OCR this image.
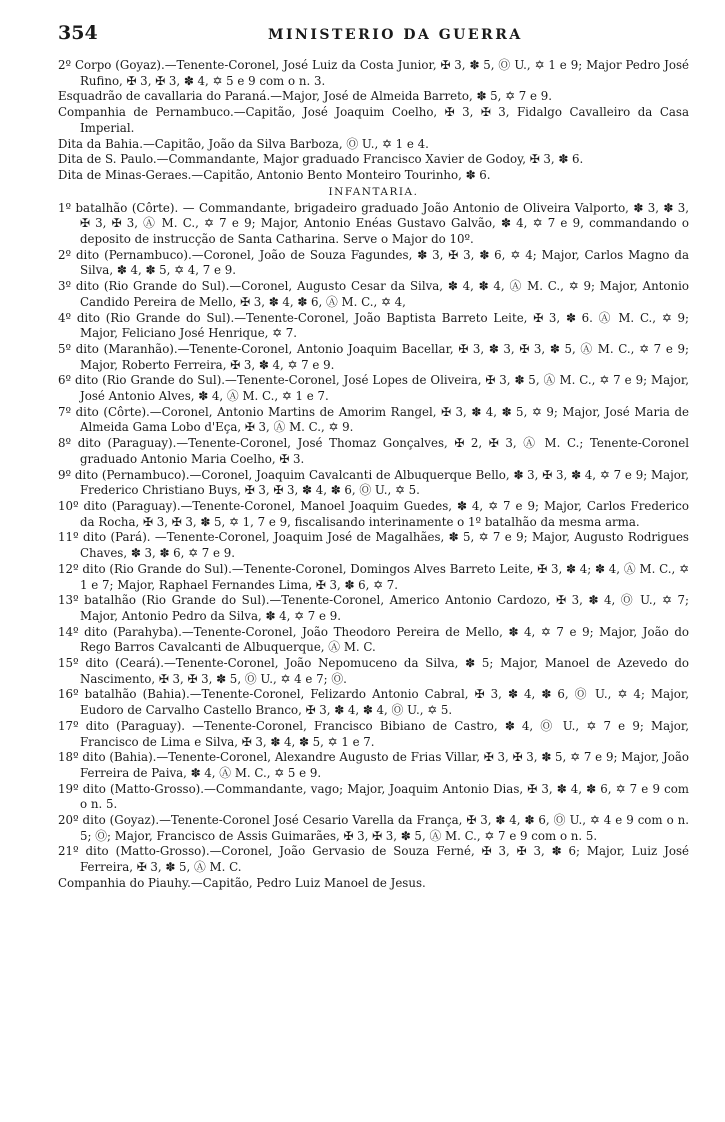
354	MINISTERIO DA GUERRA

2º Corpo (Goyaz).—Tenente-Coronel, José Luiz da Costa Junior, ✠ 3, ✽ 5, Ⓞ U., ✡ 1 e 9; Major Pedro José Rufino, ✠ 3, ✠ 3, ✽ 4, ✡ 5 e 9 com o n. 3.

Esquadrão de cavallaria do Paraná.—Major, José de Almeida Barreto, ✽ 5, ✡ 7 e 9.

Companhia de Pernambuco.—Capitão, José Joaquim Coelho, ✠ 3, ✠ 3, Fidalgo Cavalleiro da Casa Imperial.

Dita da Bahia.—Capitão, João da Silva Barboza, Ⓞ U., ✡ 1 e 4.

Dita de S. Paulo.—Commandante, Major graduado Francisco Xavier de Godoy, ✠ 3, ✽ 6.

Dita de Minas-Geraes.—Capitão, Antonio Bento Monteiro Tourinho, ✽ 6.

INFANTARIA.

1º batalhão (Côrte). — Commandante, brigadeiro graduado João Antonio de Oliveira Valporto, ✽ 3, ✽ 3, ✠ 3, ✠ 3, Ⓐ M. C., ✡ 7 e 9; Major, Antonio Enéas Gustavo Galvão, ✽ 4, ✡ 7 e 9, commandando o deposito de instrucção de Santa Catharina. Serve o Major do 10º.

2º dito (Pernambuco).—Coronel, João de Souza Fagundes, ✽ 3, ✠ 3, ✽ 6, ✡ 4; Major, Carlos Magno da Silva, ✽ 4, ✽ 5, ✡ 4, 7 e 9.

3º dito (Rio Grande do Sul).—Coronel, Augusto Cesar da Silva, ✽ 4, ✽ 4, Ⓐ M. C., ✡ 9; Major, Antonio Candido Pereira de Mello, ✠ 3, ✽ 4, ✽ 6, Ⓐ M. C., ✡ 4,

4º dito (Rio Grande do Sul).—Tenente-Coronel, João Baptista Barreto Leite, ✠ 3, ✽ 6. Ⓐ M. C., ✡ 9; Major, Feliciano José Henrique, ✡ 7.

5º dito (Maranhão).—Tenente-Coronel, Antonio Joaquim Bacellar, ✠ 3, ✽ 3, ✠ 3, ✽ 5, Ⓐ M. C., ✡ 7 e 9; Major, Roberto Ferreira, ✠ 3, ✽ 4, ✡ 7 e 9.

6º dito (Rio Grande do Sul).—Tenente-Coronel, José Lopes de Oliveira, ✠ 3, ✽ 5, Ⓐ M. C., ✡ 7 e 9; Major, José Antonio Alves, ✽ 4, Ⓐ M. C., ✡ 1 e 7.

7º dito (Côrte).—Coronel, Antonio Martins de Amorim Rangel, ✠ 3, ✽ 4, ✽ 5, ✡ 9; Major, José Maria de Almeida Gama Lobo d'Eça, ✠ 3, Ⓐ M. C., ✡ 9.

8º dito (Paraguay).—Tenente-Coronel, José Thomaz Gonçalves, ✠ 2, ✠ 3, Ⓐ M. C.; Tenente-Coronel graduado Antonio Maria Coelho, ✠ 3.

9º dito (Pernambuco).—Coronel, Joaquim Cavalcanti de Albuquerque Bello, ✽ 3, ✠ 3, ✽ 4, ✡ 7 e 9; Major, Frederico Christiano Buys, ✠ 3, ✠ 3, ✽ 4, ✽ 6, Ⓞ U., ✡ 5.

10º dito (Paraguay).—Tenente-Coronel, Manoel Joaquim Guedes, ✽ 4, ✡ 7 e 9; Major, Carlos Frederico da Rocha, ✠ 3, ✠ 3, ✽ 5, ✡ 1, 7 e 9, fiscalisando interinamente o 1º batalhão da mesma arma.

11º dito (Pará). —Tenente-Coronel, Joaquim José de Magalhães, ✽ 5, ✡ 7 e 9; Major, Augusto Rodrigues Chaves, ✽ 3, ✽ 6, ✡ 7 e 9.

12º dito (Rio Grande do Sul).—Tenente-Coronel, Domingos Alves Barreto Leite, ✠ 3, ✽ 4; ✽ 4, Ⓐ M. C., ✡ 1 e 7; Major, Raphael Fernandes Lima, ✠ 3, ✽ 6, ✡ 7.

13º batalhão (Rio Grande do Sul).—Tenente-Coronel, Americo Antonio Cardozo, ✠ 3, ✽ 4, Ⓞ U., ✡ 7; Major, Antonio Pedro da Silva, ✽ 4, ✡ 7 e 9.

14º dito (Parahyba).—Tenente-Coronel, João Theodoro Pereira de Mello, ✽ 4, ✡ 7 e 9; Major, João do Rego Barros Cavalcanti de Albuquerque, Ⓐ M. C.

15º dito (Ceará).—Tenente-Coronel, João Nepomuceno da Silva, ✽ 5; Major, Manoel de Azevedo do Nascimento, ✠ 3, ✠ 3, ✽ 5, Ⓞ U., ✡ 4 e 7; Ⓞ.

16º batalhão (Bahia).—Tenente-Coronel, Felizardo Antonio Cabral, ✠ 3, ✽ 4, ✽ 6, Ⓞ U., ✡ 4; Major, Eudoro de Carvalho Castello Branco, ✠ 3, ✽ 4, ✽ 4, Ⓞ U., ✡ 5.

17º dito (Paraguay). —Tenente-Coronel, Francisco Bibiano de Castro, ✽ 4, Ⓞ U., ✡ 7 e 9; Major, Francisco de Lima e Silva, ✠ 3, ✽ 4, ✽ 5, ✡ 1 e 7.

18º dito (Bahia).—Tenente-Coronel, Alexandre Augusto de Frias Villar, ✠ 3, ✠ 3, ✽ 5, ✡ 7 e 9; Major, João Ferreira de Paiva, ✽ 4, Ⓐ M. C., ✡ 5 e 9.

19º dito (Matto-Grosso).—Commandante, vago; Major, Joaquim Antonio Dias, ✠ 3, ✽ 4, ✽ 6, ✡ 7 e 9 com o n. 5.

20º dito (Goyaz).—Tenente-Coronel José Cesario Varella da França, ✠ 3, ✽ 4, ✽ 6, Ⓞ U., ✡ 4 e 9 com o n. 5; Ⓞ; Major, Francisco de Assis Guimarães, ✠ 3, ✠ 3, ✽ 5, Ⓐ M. C., ✡ 7 e 9 com o n. 5.

21º dito (Matto-Grosso).—Coronel, João Gervasio de Souza Ferné, ✠ 3, ✠ 3, ✽ 6; Major, Luiz José Ferreira, ✠ 3, ✽ 5, Ⓐ M. C.

Companhia do Piauhy.—Capitão, Pedro Luiz Manoel de Jesus.
